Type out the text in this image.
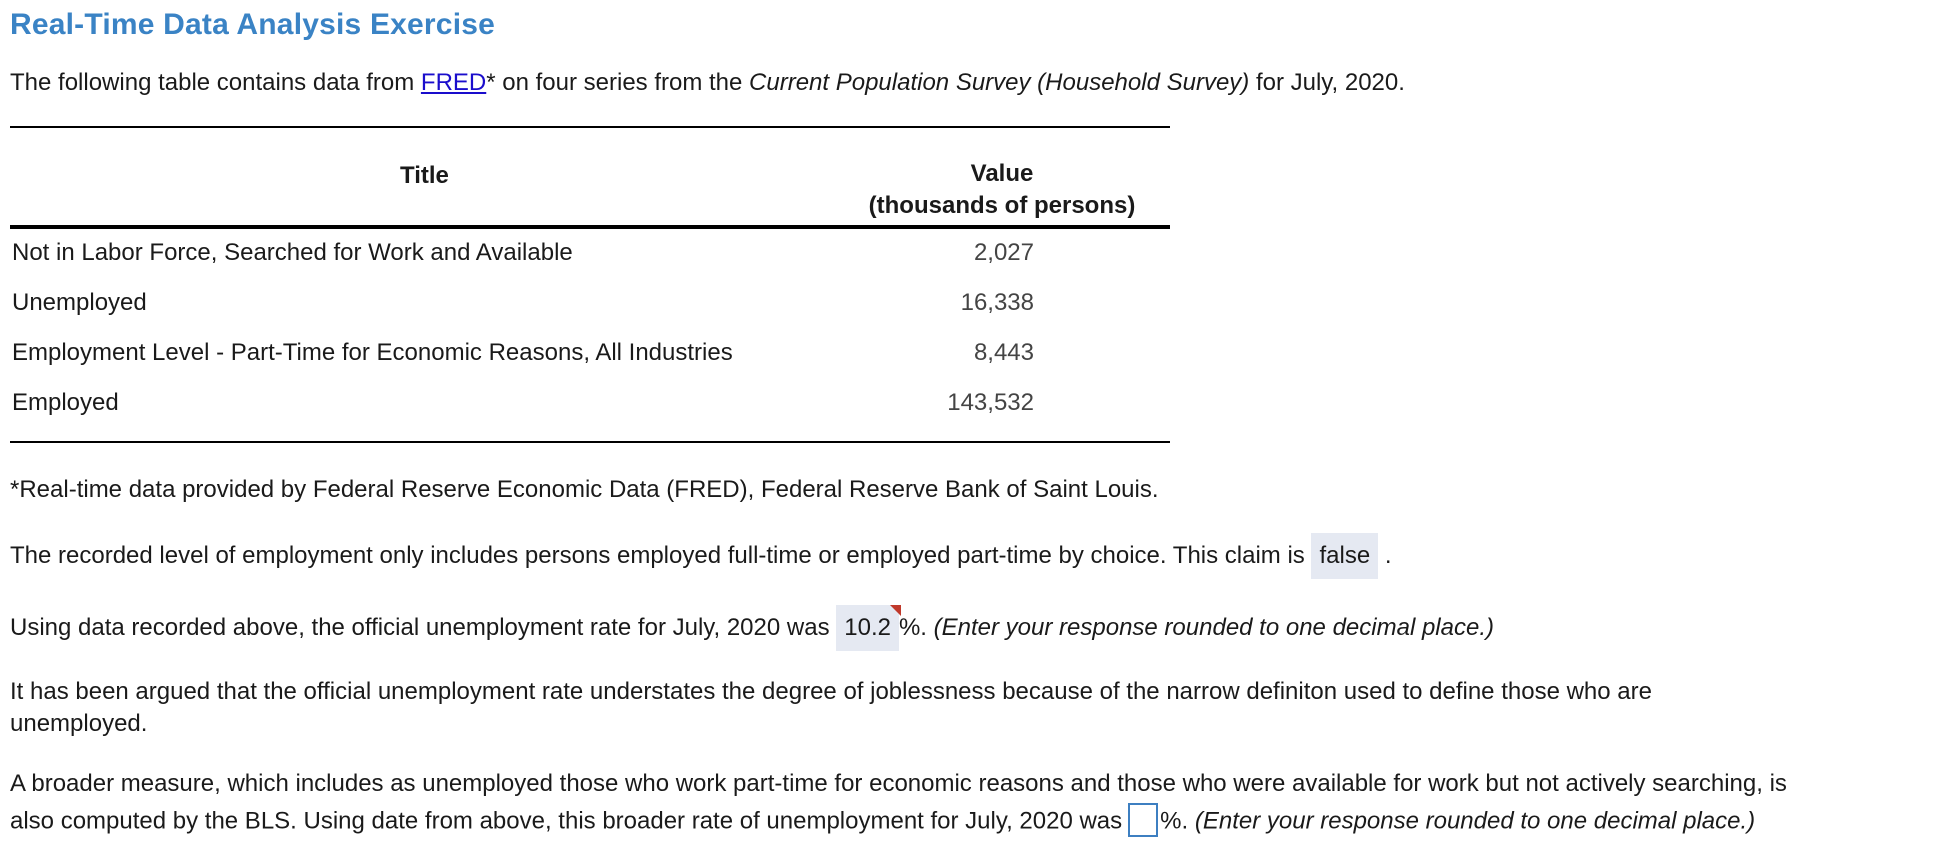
Real-Time Data Analysis Exercise
The following table contains data from FRED* on four series from the Current Population Survey (Household Survey) for July, 2020.
Title	Value
(thousands of persons)
Not in Labor Force, Searched for Work and Available	2,027
Unemployed	16,338
Employment Level - Part-Time for Economic Reasons, All Industries	8,443
Employed	143,532
*Real-time data provided by Federal Reserve Economic Data (FRED), Federal Reserve Bank of Saint Louis.
The recorded level of employment only includes persons employed full-time or employed part-time by choice. This claim is false .
Using data recorded above, the official unemployment rate for July, 2020 was 10.2 %. (Enter your response rounded to one decimal place.)
It has been argued that the official unemployment rate understates the degree of joblessness because of the narrow definiton used to define those who are
unemployed.
A broader measure, which includes as unemployed those who work part-time for economic reasons and those who were available for work but not actively searching, is
also computed by the BLS. Using date from above, this broader rate of unemployment for July, 2020 was %. (Enter your response rounded to one decimal place.)
